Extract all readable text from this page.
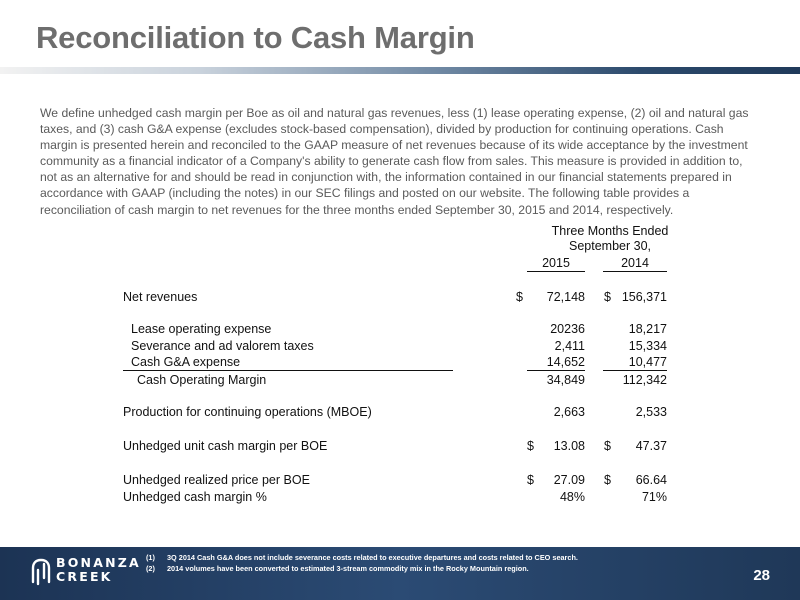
Reconciliation to Cash Margin
We define unhedged cash margin per Boe as oil and natural gas revenues, less (1) lease operating expense, (2) oil and natural gas taxes, and (3) cash G&A expense (excludes stock-based compensation), divided by production for continuing operations. Cash margin is presented herein and reconciled to the GAAP measure of net revenues because of its wide acceptance by the investment community as a financial indicator of a Company's ability to generate cash flow from sales. This measure is provided in addition to, not as an alternative for and should be read in conjunction with, the information contained in our financial statements prepared in accordance with GAAP (including the notes) in our SEC filings and posted on our website. The following table provides a reconciliation of cash margin to net revenues for the three months ended September 30, 2015 and 2014, respectively.
Three Months Ended
September 30,
2015	2014
Net revenues	$	72,148 $ 156,371
Lease operating expense	20236	18,217
Severance and ad valorem taxes	2,411	15,334
Cash G&A expense	14,652	10,477
Cash Operating Margin	34,849	112,342
Production for continuing operations (MBOE)	2,663	2,533
Unhedged unit cash margin per BOE	$	13.08 $	47.37
Unhedged realized price per BOE	$	27.09 $	66.64
Unhedged cash margin %	48%	71%
BONANZA
CREEK
(1) 3Q 2014 Cash G&A does not include severance costs related to executive departures and costs related to CEO search.
(2) 2014 volumes have been converted to estimated 3-stream commodity mix in the Rocky Mountain region.	28
